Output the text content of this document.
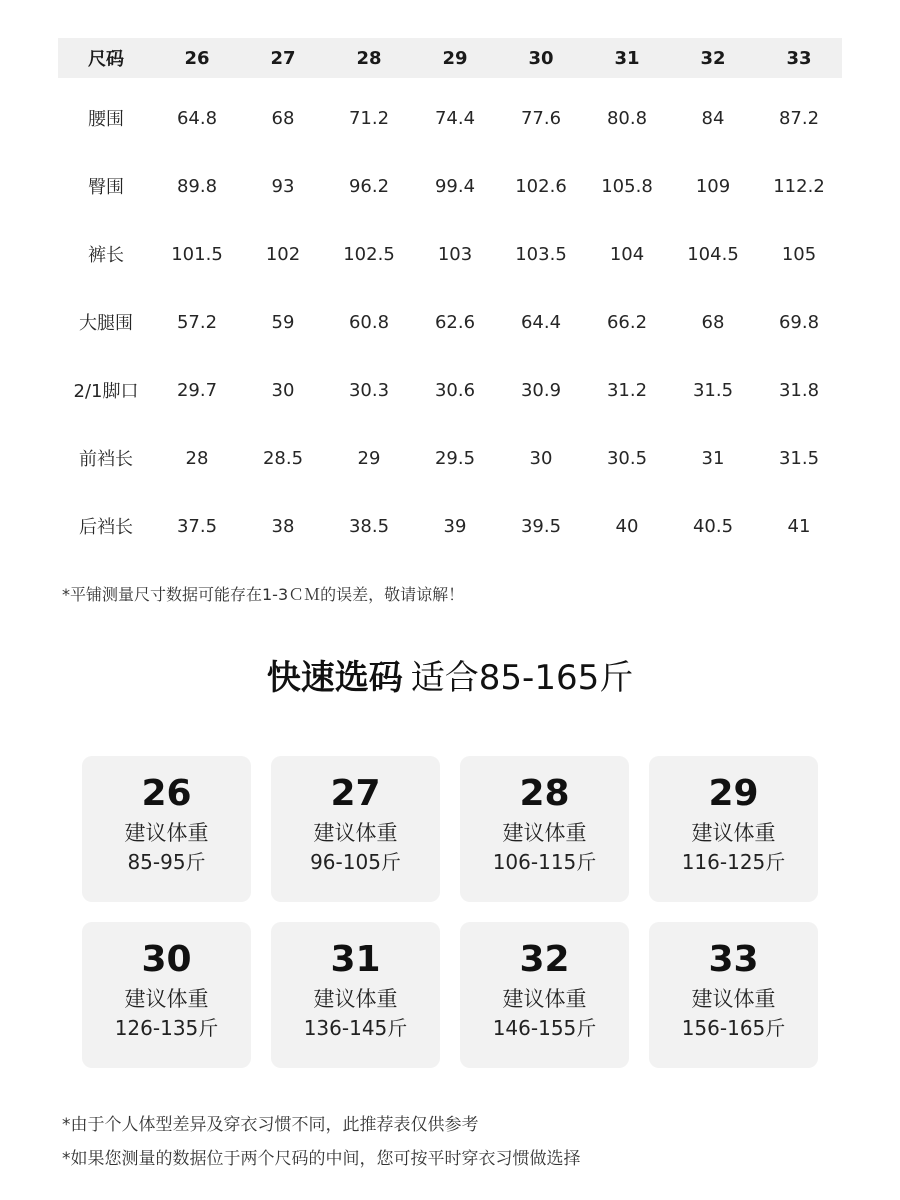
尺码	26	27	28	29	30	31	32	33
腰围	64.8	68	71.2	74.4	77.6	80.8	84	87.2
臀围	89.8	93	96.2	99.4	102.6	105.8	109	112.2
裤长	101.5	102	102.5	103	103.5	104	104.5	105
大腿围	57.2	59	60.8	62.6	64.4	66.2	68	69.8
2/1脚口	29.7	30	30.3	30.6	30.9	31.2	31.5	31.8
前裆长	28	28.5	29	29.5	30	30.5	31	31.5
后裆长	37.5	38	38.5	39	39.5	40	40.5	41
*平铺测量尺寸数据可能存在1-3ＣＭ的误差，敬请谅解！
快速选码 适合85-165斤
26
建议体重
85-95斤
27
建议体重
96-105斤
28
建议体重
106-115斤
29
建议体重
116-125斤
30
建议体重
126-135斤
31
建议体重
136-145斤
32
建议体重
146-155斤
33
建议体重
156-165斤
*由于个人体型差异及穿衣习惯不同，此推荐表仅供参考
*如果您测量的数据位于两个尺码的中间，您可按平时穿衣习惯做选择
